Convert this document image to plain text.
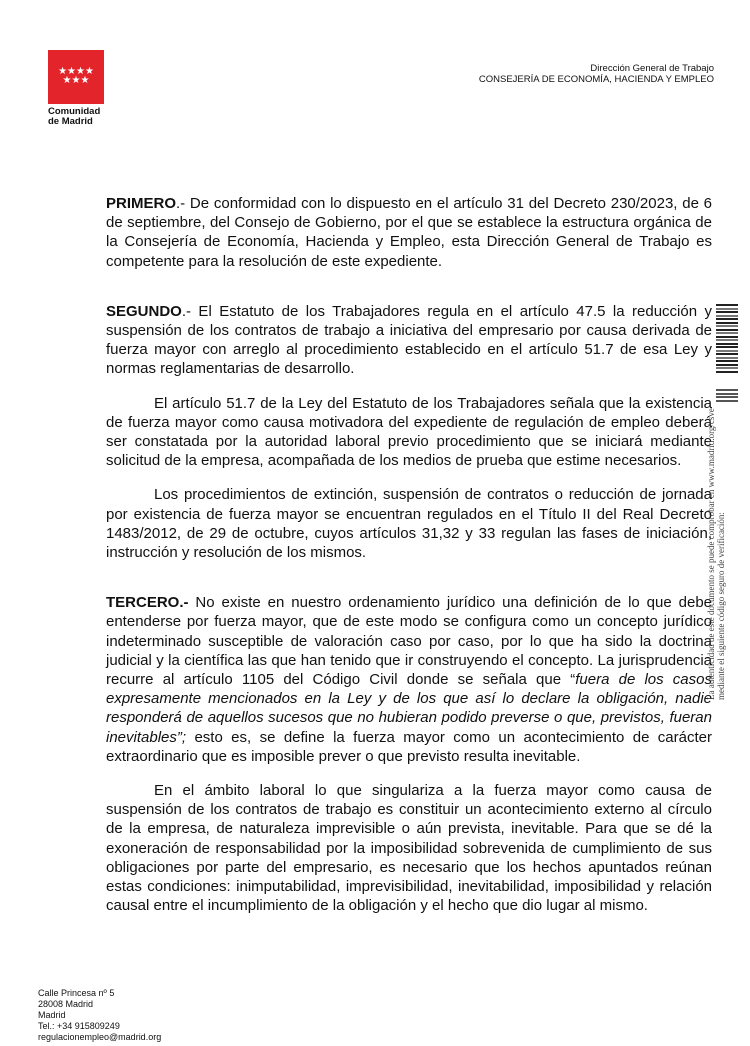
★★★★
★★★
Comunidad
de Madrid
Dirección General de Trabajo
CONSEJERÍA DE ECONOMÍA, HACIENDA Y EMPLEO

PRIMERO.- De conformidad con lo dispuesto en el artículo 31 del Decreto 230/2023, de 6 de septiembre, del Consejo de Gobierno, por el que se establece la estructura orgánica de la Consejería de Economía, Hacienda y Empleo, esta Dirección General de Trabajo es competente para la resolución de este expediente.

SEGUNDO.- El Estatuto de los Trabajadores regula en el artículo 47.5 la reducción y suspensión de los contratos de trabajo a iniciativa del empresario por causa derivada de fuerza mayor con arreglo al procedimiento establecido en el artículo 51.7 de esa Ley y normas reglamentarias de desarrollo.

El artículo 51.7 de la Ley del Estatuto de los Trabajadores señala que la existencia de fuerza mayor como causa motivadora del expediente de regulación de empleo deberá ser constatada por la autoridad laboral previo procedimiento que se iniciará mediante solicitud de la empresa, acompañada de los medios de prueba que estime necesarios.

Los procedimientos de extinción, suspensión de contratos o reducción de jornada por existencia de fuerza mayor se encuentran regulados en el Título II del Real Decreto 1483/2012, de 29 de octubre, cuyos artículos 31,32 y 33 regulan las fases de iniciación, instrucción y resolución de los mismos.

TERCERO.- No existe en nuestro ordenamiento jurídico una definición de lo que debe entenderse por fuerza mayor, que de este modo se configura como un concepto jurídico indeterminado susceptible de valoración caso por caso, por lo que ha sido la doctrina judicial y la científica las que han tenido que ir construyendo el concepto. La jurisprudencia recurre al artículo 1105 del Código Civil donde se señala que “fuera de los casos expresamente mencionados en la Ley y de los que así lo declare la obligación, nadie responderá de aquellos sucesos que no hubieran podido preverse o que, previstos, fueran inevitables”; esto es, se define la fuerza mayor como un acontecimiento de carácter extraordinario que es imposible prever o que previsto resulta inevitable.

En el ámbito laboral lo que singulariza a la fuerza mayor como causa de suspensión de los contratos de trabajo es constituir un acontecimiento externo al círculo de la empresa, de naturaleza imprevisible o aún prevista, inevitable. Para que se dé la exoneración de responsabilidad por la imposibilidad sobrevenida de cumplimiento de sus obligaciones por parte del empresario, es necesario que los hechos apuntados reúnan estas condiciones: inimputabilidad, imprevisibilidad, inevitabilidad, imposibilidad y relación causal entre el incumplimiento de la obligación y el hecho que dio lugar al mismo.

La autenticidad de este documento se puede comprobar en www.madrid.org/csve mediante el siguiente código seguro de verificación:
Calle Princesa nº 5
28008 Madrid
Madrid
Tel.: +34 915809249
regulacionempleo@madrid.org
